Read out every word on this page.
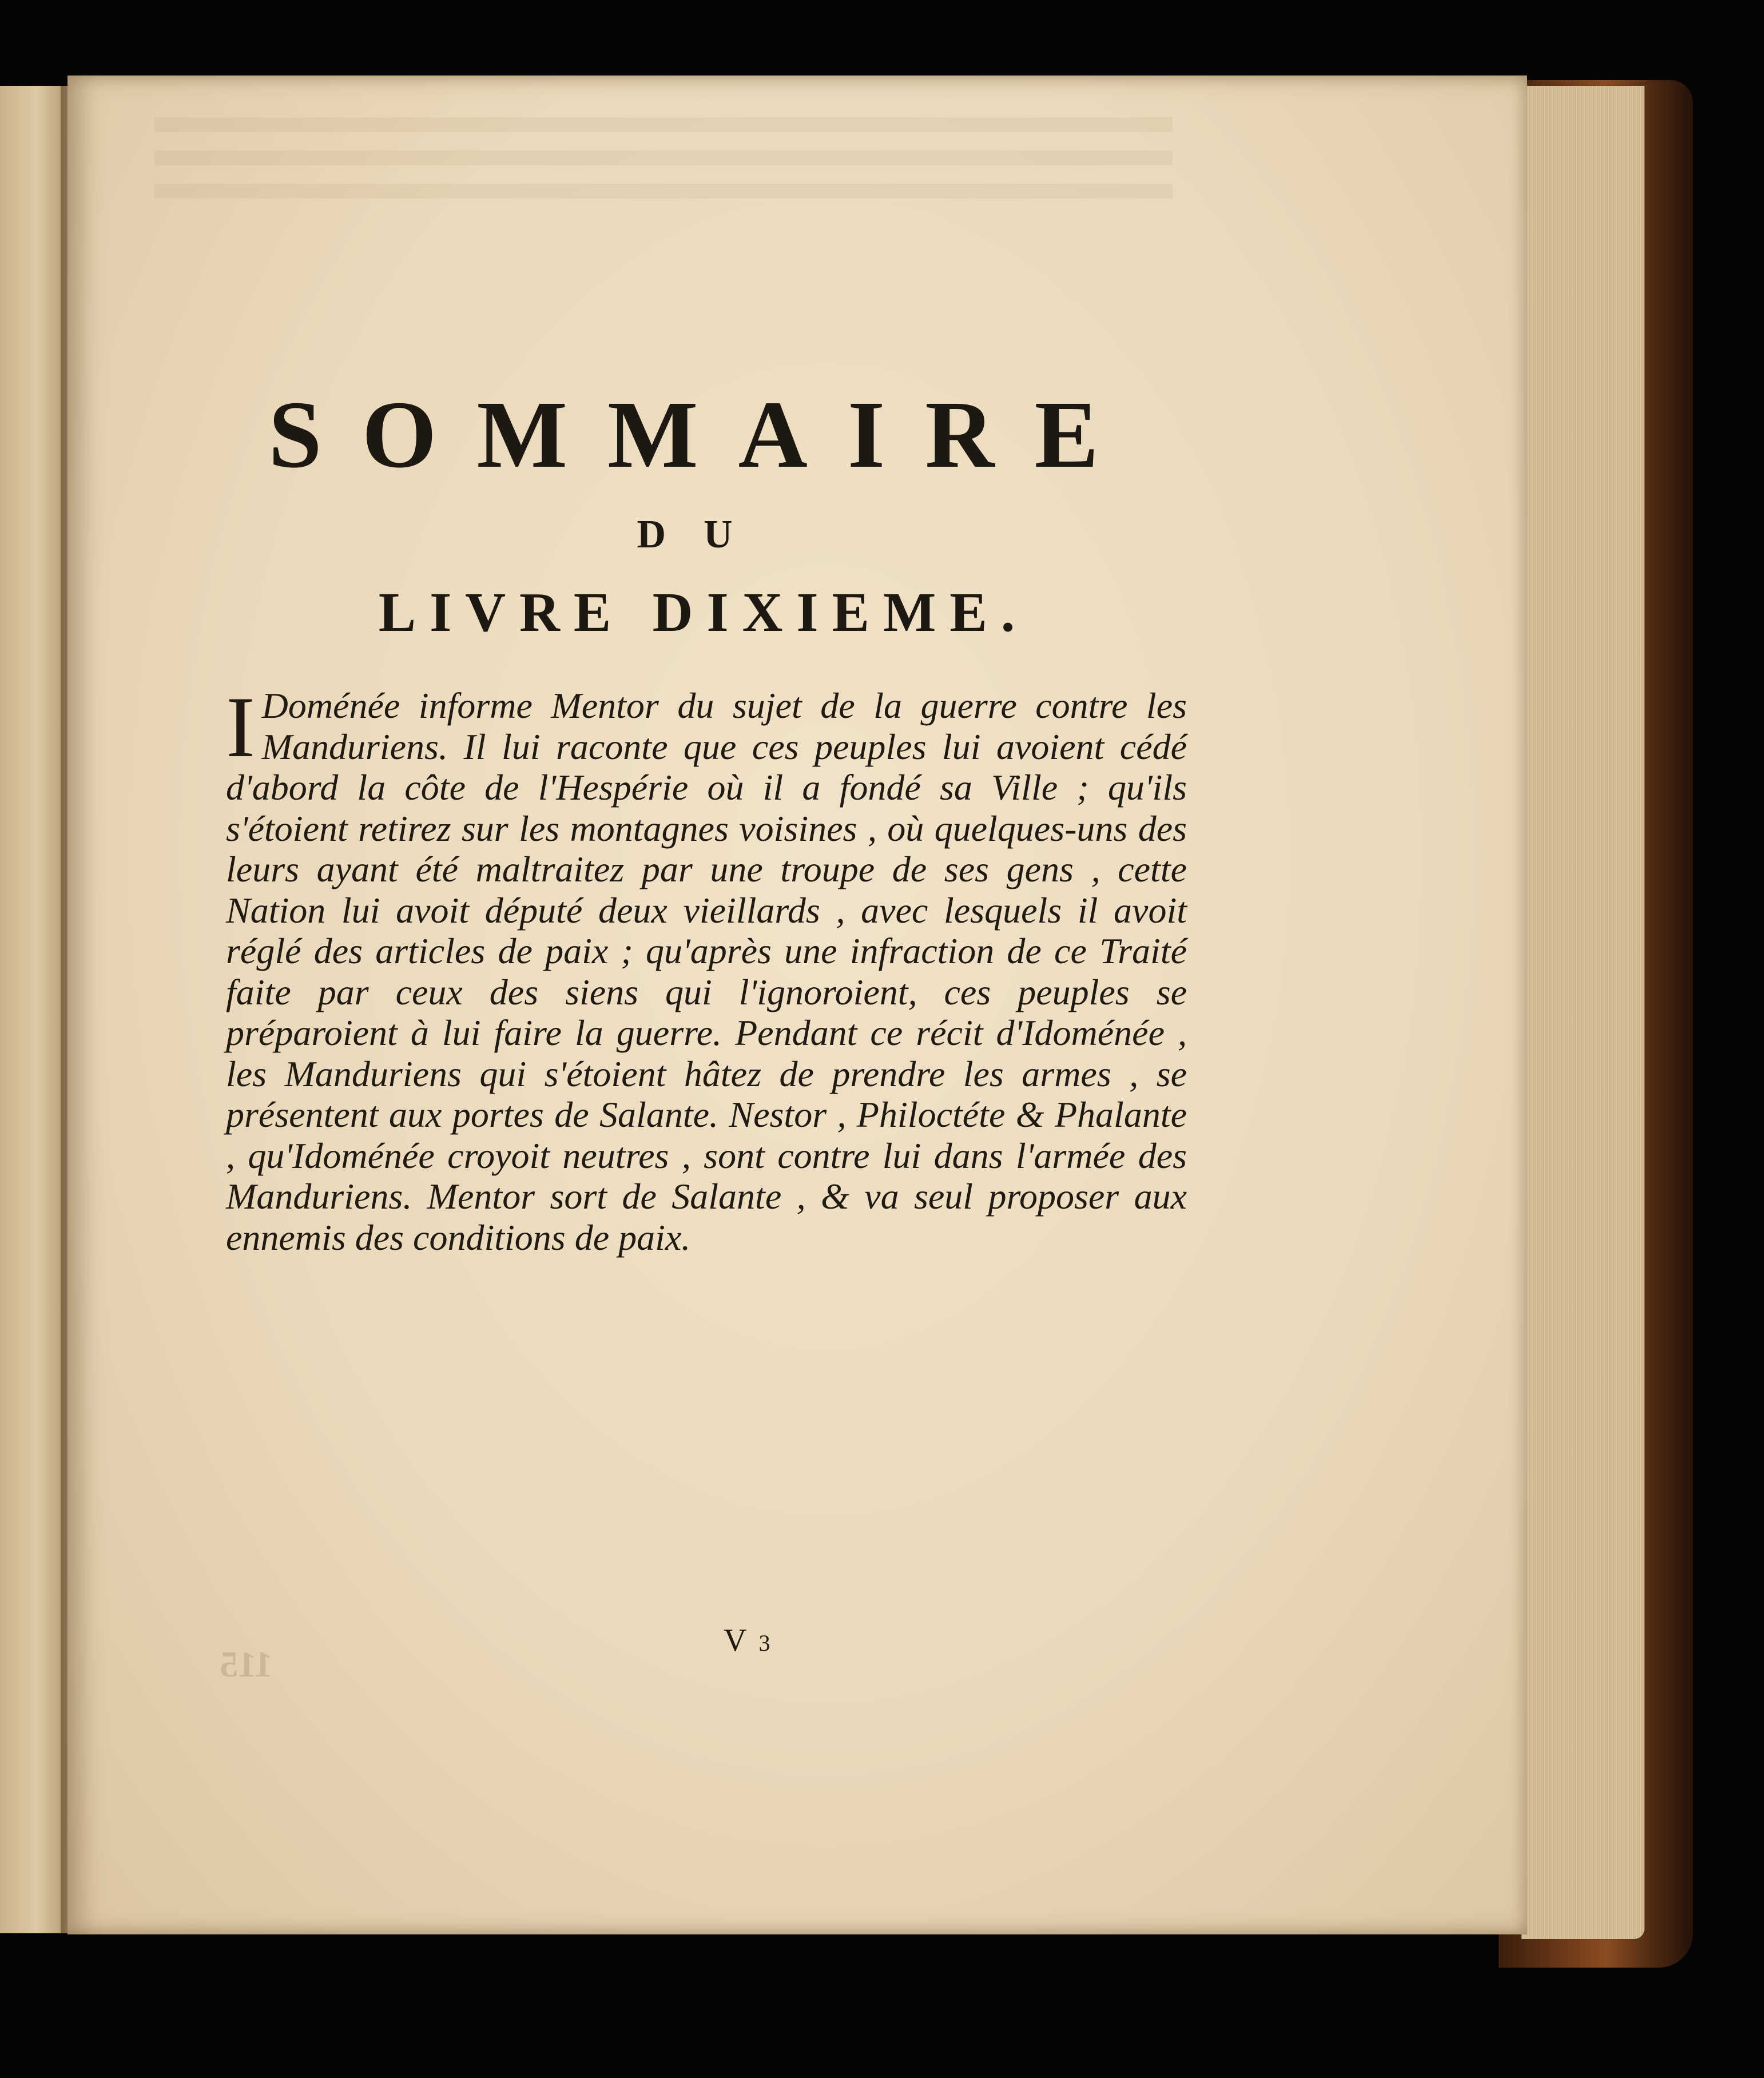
SOMMAIRE
DU
LIVRE DIXIEME.

I Doménée informe Mentor du sujet de la guerre contre les Manduriens. Il lui raconte que ces peuples lui avoient cédé d'abord la côte de l'Hespérie où il a fondé sa Ville ; qu'ils s'étoient retirez sur les montagnes voisines , où quelques-uns des leurs ayant été maltraitez par une troupe de ses gens , cette Nation lui avoit député deux vieillards , avec lesquels il avoit réglé des articles de paix ; qu'après une infraction de ce Traité faite par ceux des siens qui l'ignoroient, ces peuples se préparoient à lui faire la guerre. Pendant ce récit d'Idoménée , les Manduriens qui s'étoient hâtez de prendre les armes , se présentent aux portes de Salante. Nestor , Philoctéte & Phalante , qu'Idoménée croyoit neutres , sont contre lui dans l'armée des Manduriens. Mentor sort de Salante , & va seul proposer aux ennemis des conditions de paix.

V 3

115
